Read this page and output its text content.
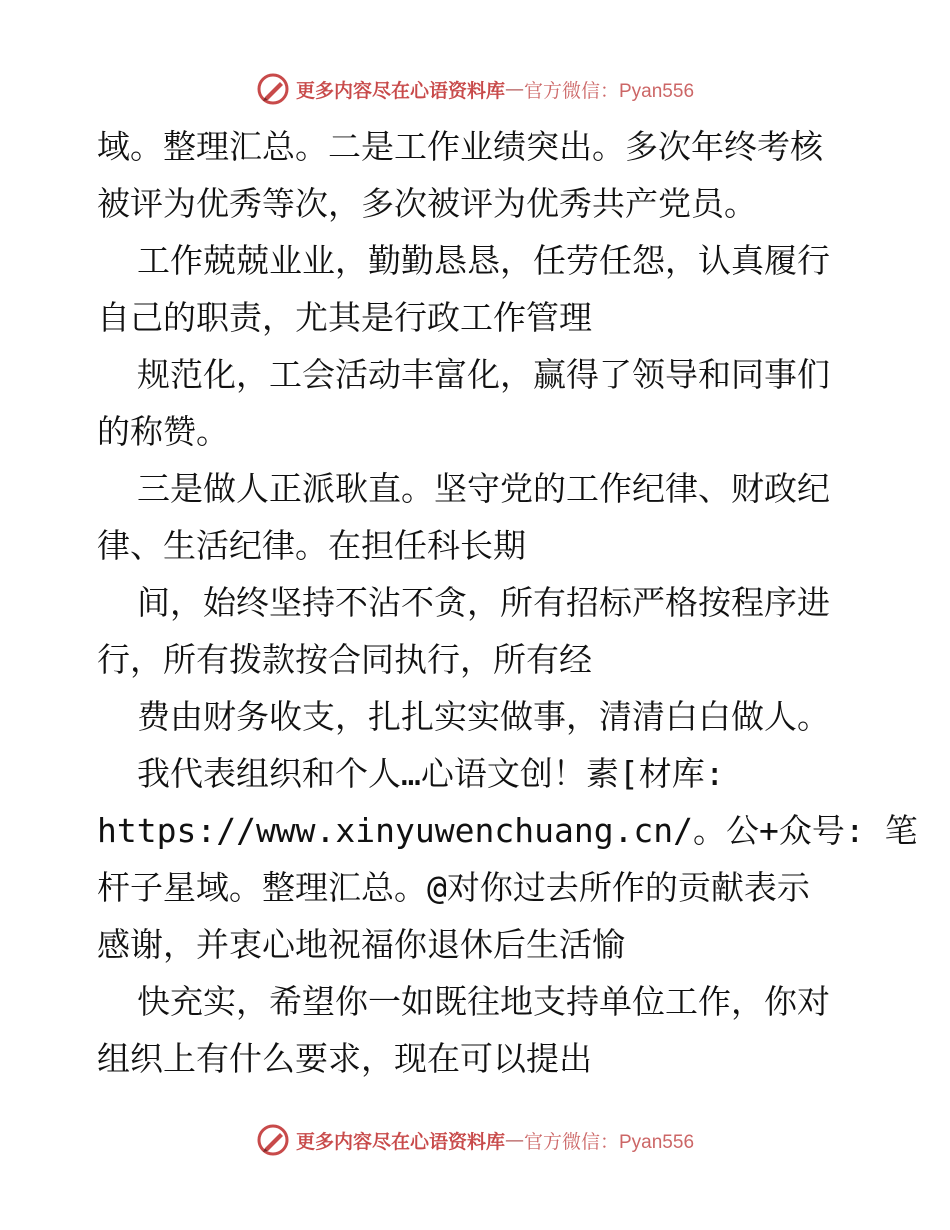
更多内容尽在心语资料库 — 官方微信：Pyan556
域。整理汇总。二是工作业绩突出。多次年终考核
被评为优秀等次，多次被评为优秀共产党员。
工作兢兢业业，勤勤恳恳，任劳任怨，认真履行
自己的职责，尤其是行政工作管理
规范化，工会活动丰富化，赢得了领导和同事们
的称赞。
三是做人正派耿直。坚守党的工作纪律、财政纪
律、生活纪律。在担任科长期
间，始终坚持不沾不贪，所有招标严格按程序进
行，所有拨款按合同执行，所有经
费由财务收支，扎扎实实做事，清清白白做人。
我代表组织和个人…心语文创！素[材库:
https://www.xinyuwenchuang.cn/。公+众号: 笔
杆子星域。整理汇总。@对你过去所作的贡献表示
感谢，并衷心地祝福你退休后生活愉
快充实，希望你一如既往地支持单位工作，你对
组织上有什么要求，现在可以提出
更多内容尽在心语资料库 — 官方微信：Pyan556
